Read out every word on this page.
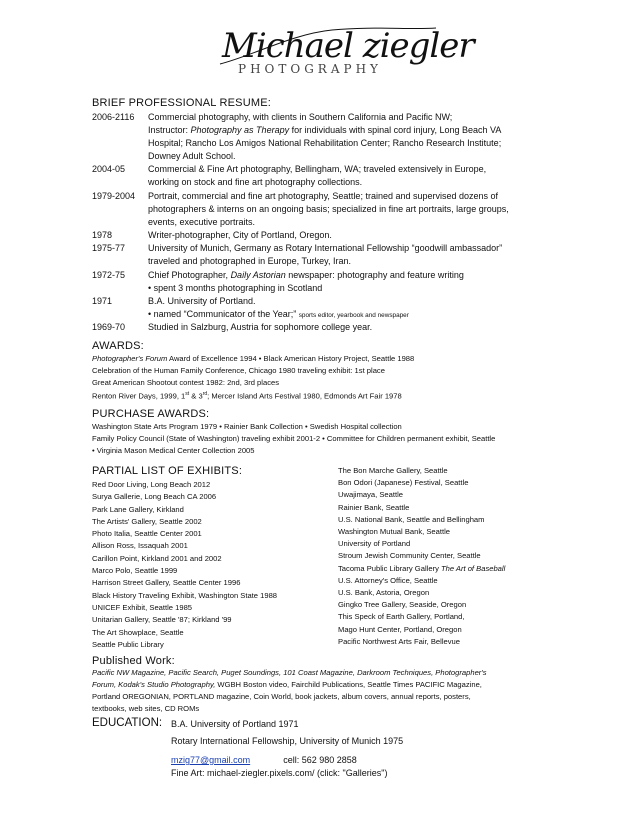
Michael ziegler
PHOTOGRAPHY
BRIEF PROFESSIONAL RESUME:
2006-2116 Commercial photography, with clients in Southern California and Pacific NW;
Instructor: Photography as Therapy for individuals with spinal cord injury, Long Beach VA
Hospital; Rancho Los Amigos National Rehabilitation Center; Rancho Research Institute;
Downey Adult School.
2004-05	Commercial & Fine Art photography, Bellingham, WA; traveled extensively in Europe,
working on stock and fine art photography collections.
1979-2004 Portrait, commercial and fine art photography, Seattle; trained and supervised dozens of
photographers & interns on an ongoing basis; specialized in fine art portraits, large groups,
events, executive portraits.
1978	Writer-photographer, City of Portland, Oregon.
1975-77	University of Munich, Germany as Rotary International Fellowship “goodwill ambassador”
traveled and photographed in Europe, Turkey, Iran.
1972-75	Chief Photographer, Daily Astorian newspaper: photography and feature writing
• spent 3 months photographing in Scotland
1971	B.A. University of Portland.
• named “Communicator of the Year;” sports editor, yearbook and newspaper
1969-70	Studied in Salzburg, Austria for sophomore college year.
AWARDS:
Photographer's Forum Award of Excellence 1994 • Black American History Project, Seattle 1988
Celebration of the Human Family Conference, Chicago 1980 traveling exhibit: 1st place
Great American Shootout contest 1982: 2nd, 3rd places
Renton River Days, 1999, 1st & 3rd; Mercer Island Arts Festival 1980, Edmonds Art Fair 1978
PURCHASE AWARDS:
Washington State Arts Program 1979 • Rainier Bank Collection • Swedish Hospital collection
Family Policy Council (State of Washington) traveling exhibit 2001-2 • Committee for Children permanent exhibit, Seattle
• Virginia Mason Medical Center Collection 2005
PARTIAL LIST OF EXHIBITS:
Red Door Living, Long Beach 2012
Surya Gallerie, Long Beach CA 2006
Park Lane Gallery, Kirkland
The Artists' Gallery, Seattle 2002
Photo Italia, Seattle Center 2001
Allison Ross, Issaquah 2001
Carillon Point, Kirkland 2001 and 2002
Marco Polo, Seattle 1999
Harrison Street Gallery, Seattle Center 1996
Black History Traveling Exhibit, Washington State 1988
UNICEF Exhibit, Seattle 1985
Unitarian Gallery, Seattle '87; Kirkland '99
The Art Showplace, Seattle
Seattle Public Library
The Bon Marche Gallery, Seattle
Bon Odori (Japanese) Festival, Seattle
Uwajimaya, Seattle
Rainier Bank, Seattle
U.S. National Bank, Seattle and Bellingham
Washington Mutual Bank, Seattle
University of Portland
Stroum Jewish Community Center, Seattle
Tacoma Public Library Gallery The Art of Baseball
U.S. Attorney's Office, Seattle
U.S. Bank, Astoria, Oregon
Gingko Tree Gallery, Seaside, Oregon
This Speck of Earth Gallery, Portland,
Mago Hunt Center, Portland, Oregon
Pacific Northwest Arts Fair, Bellevue
Published Work:
Pacific NW Magazine, Pacific Search, Puget Soundings, 101 Coast Magazine, Darkroom Techniques, Photographer's
Forum, Kodak's Studio Photography, WGBH Boston video, Fairchild Publications, Seattle Times PACIFIC Magazine,
Portland OREGONIAN, PORTLAND magazine, Coin World, book jackets, album covers, annual reports, posters,
textbooks, web sites, CD ROMs
EDUCATION: B.A. University of Portland 1971
Rotary International Fellowship, University of Munich 1975
mzig77@gmail.com	cell: 562 980 2858
Fine Art: michael-ziegler.pixels.com/ (click: "Galleries")
